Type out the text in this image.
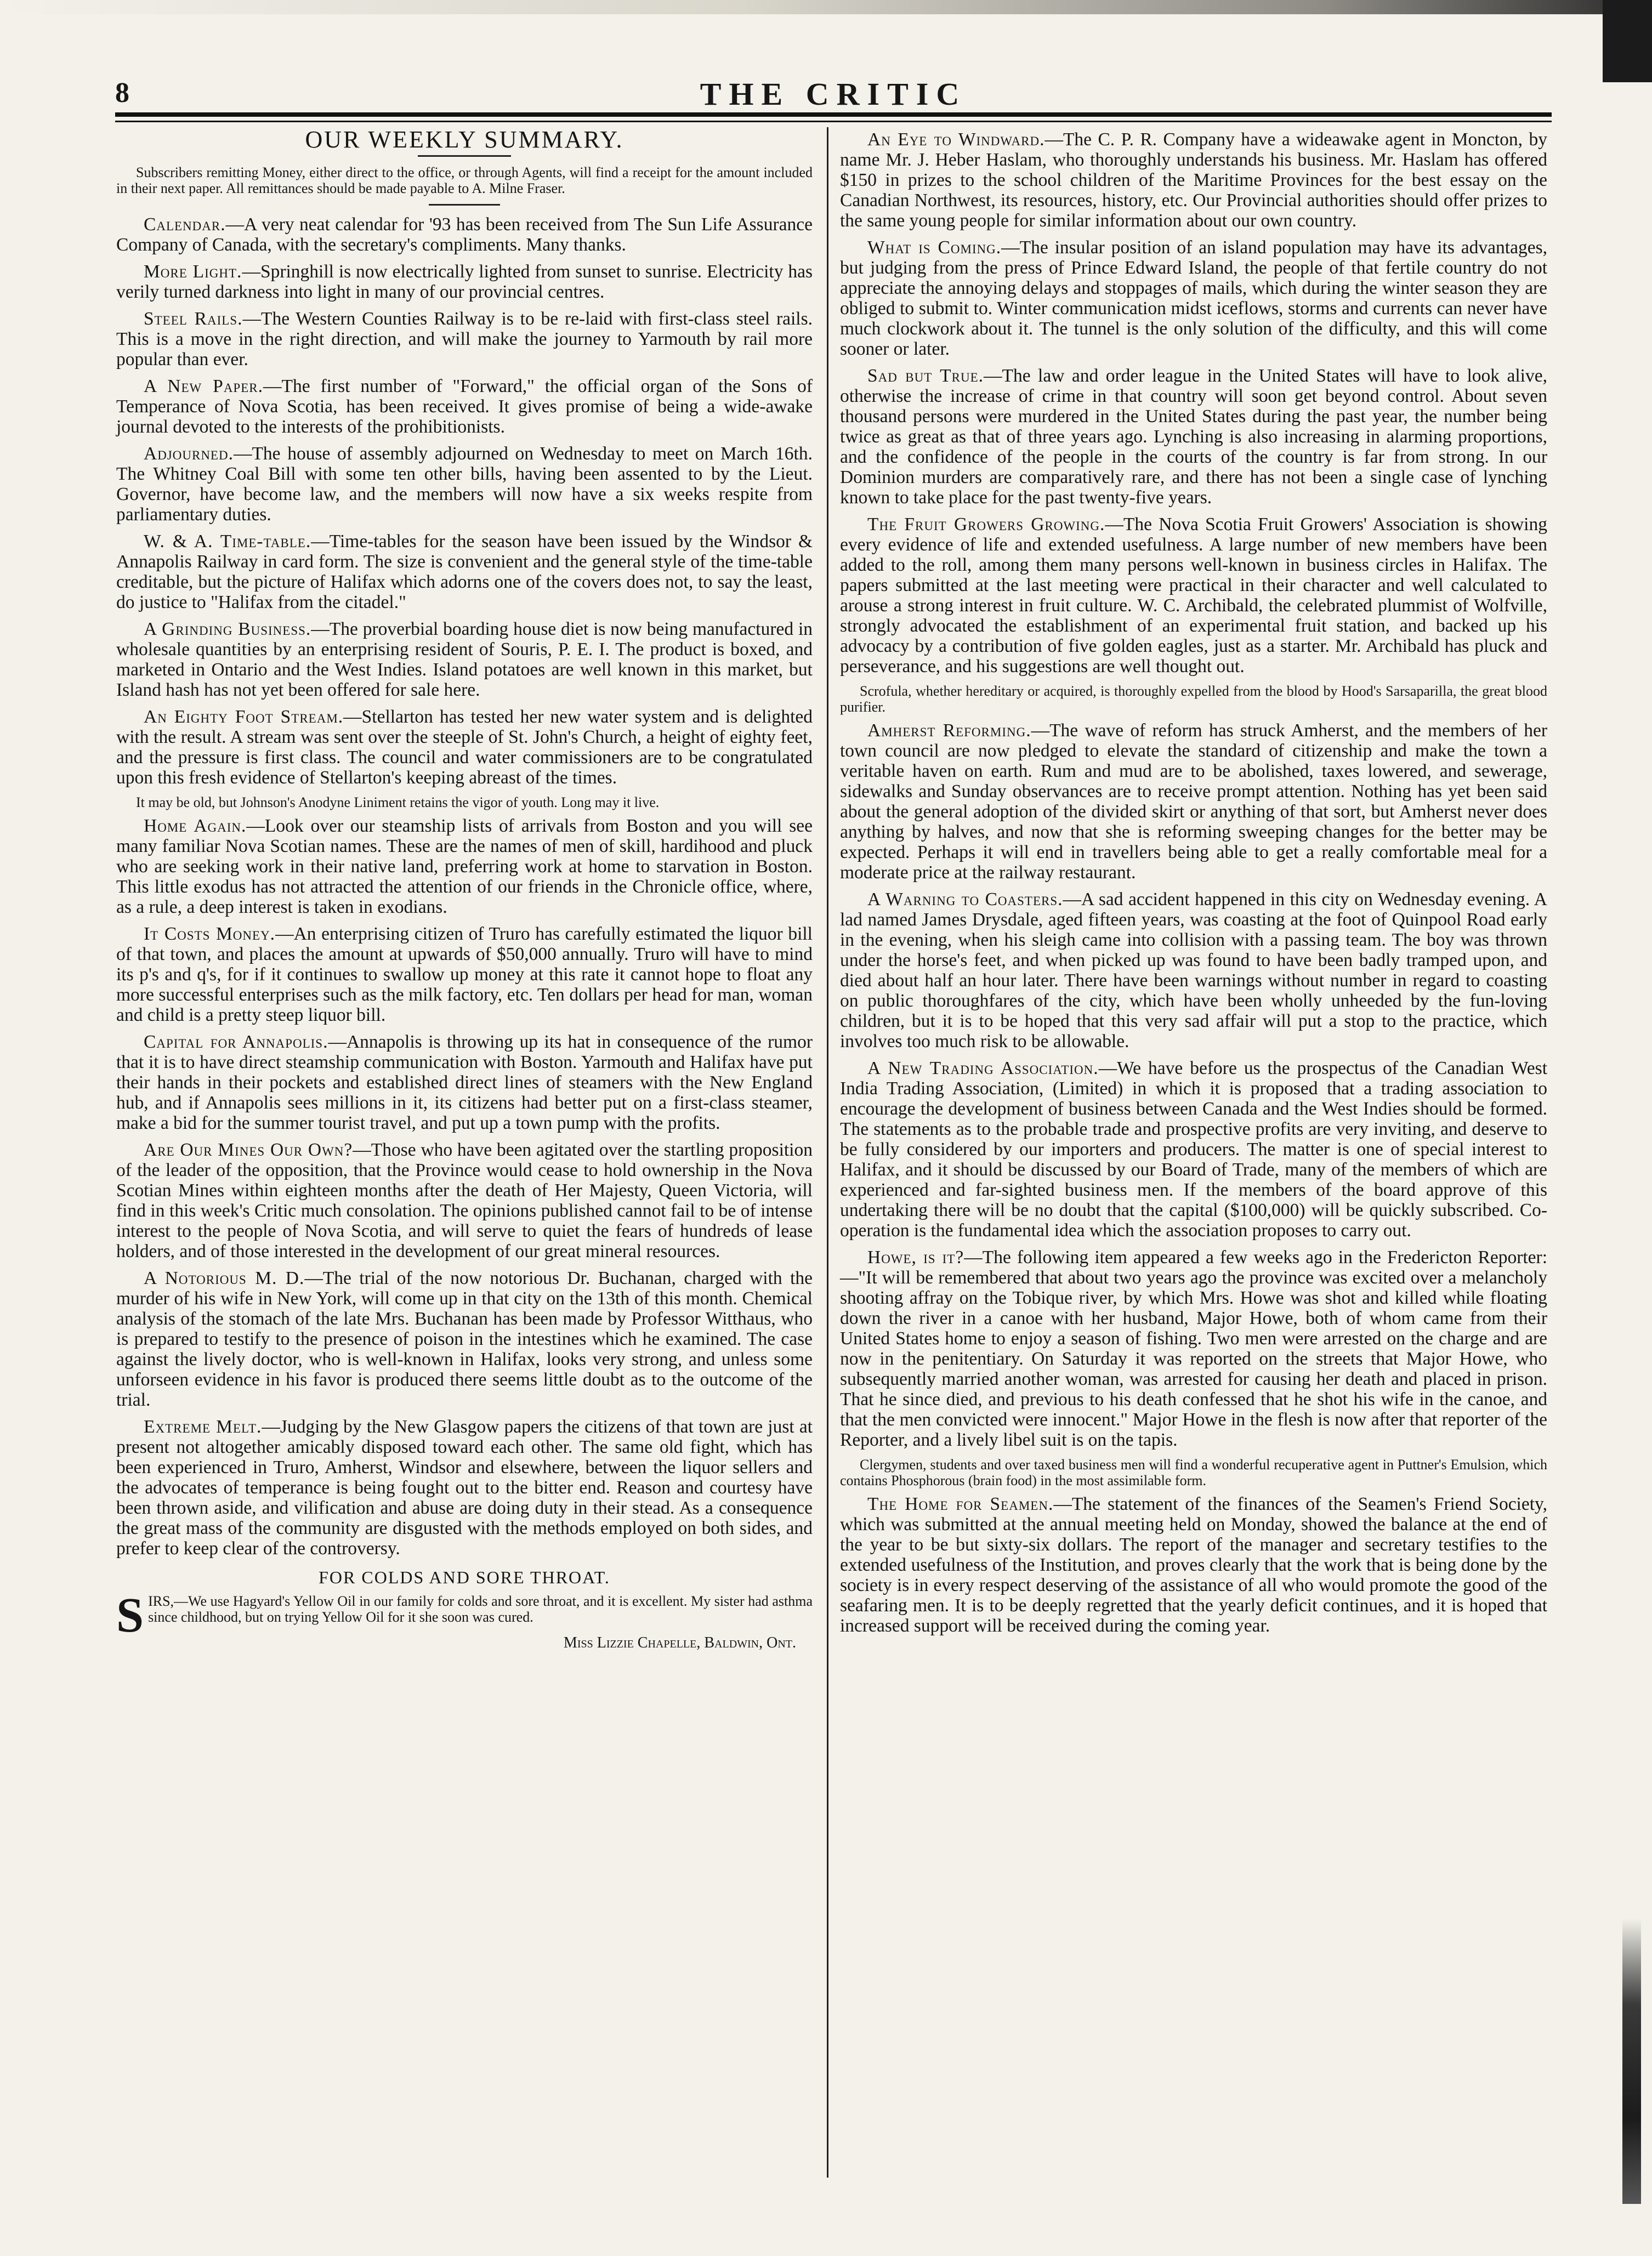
8	THE CRITIC
OUR WEEKLY SUMMARY.

Subscribers remitting Money, either direct to the office, or through Agents, will find a receipt for the amount included in their next paper. All remittances should be made payable to A. Milne Fraser.

Calendar.—A very neat calendar for '93 has been received from The Sun Life Assurance Company of Canada, with the secretary's compliments. Many thanks.

More Light.—Springhill is now electrically lighted from sunset to sunrise. Electricity has verily turned darkness into light in many of our provincial centres.

Steel Rails.—The Western Counties Railway is to be re-laid with first-class steel rails. This is a move in the right direction, and will make the journey to Yarmouth by rail more popular than ever.

A New Paper.—The first number of "Forward," the official organ of the Sons of Temperance of Nova Scotia, has been received. It gives promise of being a wide-awake journal devoted to the interests of the prohibitionists.

Adjourned.—The house of assembly adjourned on Wednesday to meet on March 16th. The Whitney Coal Bill with some ten other bills, having been assented to by the Lieut. Governor, have become law, and the members will now have a six weeks respite from parliamentary duties.

W. & A. Time-table.—Time-tables for the season have been issued by the Windsor & Annapolis Railway in card form. The size is convenient and the general style of the time-table creditable, but the picture of Halifax which adorns one of the covers does not, to say the least, do justice to "Halifax from the citadel."

A Grinding Business.—The proverbial boarding house diet is now being manufactured in wholesale quantities by an enterprising resident of Souris, P. E. I. The product is boxed, and marketed in Ontario and the West Indies. Island potatoes are well known in this market, but Island hash has not yet been offered for sale here.

An Eighty Foot Stream.—Stellarton has tested her new water system and is delighted with the result. A stream was sent over the steeple of St. John's Church, a height of eighty feet, and the pressure is first class. The council and water commissioners are to be congratulated upon this fresh evidence of Stellarton's keeping abreast of the times.

It may be old, but Johnson's Anodyne Liniment retains the vigor of youth. Long may it live.

Home Again.—Look over our steamship lists of arrivals from Boston and you will see many familiar Nova Scotian names. These are the names of men of skill, hardihood and pluck who are seeking work in their native land, preferring work at home to starvation in Boston. This little exodus has not attracted the attention of our friends in the Chronicle office, where, as a rule, a deep interest is taken in exodians.

It Costs Money.—An enterprising citizen of Truro has carefully estimated the liquor bill of that town, and places the amount at upwards of $50,000 annually. Truro will have to mind its p's and q's, for if it continues to swallow up money at this rate it cannot hope to float any more successful enterprises such as the milk factory, etc. Ten dollars per head for man, woman and child is a pretty steep liquor bill.

Capital for Annapolis.—Annapolis is throwing up its hat in consequence of the rumor that it is to have direct steamship communication with Boston. Yarmouth and Halifax have put their hands in their pockets and established direct lines of steamers with the New England hub, and if Annapolis sees millions in it, its citizens had better put on a first-class steamer, make a bid for the summer tourist travel, and put up a town pump with the profits.

Are Our Mines Our Own?—Those who have been agitated over the startling proposition of the leader of the opposition, that the Province would cease to hold ownership in the Nova Scotian Mines within eighteen months after the death of Her Majesty, Queen Victoria, will find in this week's Critic much consolation. The opinions published cannot fail to be of intense interest to the people of Nova Scotia, and will serve to quiet the fears of hundreds of lease holders, and of those interested in the development of our great mineral resources.

A Notorious M. D.—The trial of the now notorious Dr. Buchanan, charged with the murder of his wife in New York, will come up in that city on the 13th of this month. Chemical analysis of the stomach of the late Mrs. Buchanan has been made by Professor Witthaus, who is prepared to testify to the presence of poison in the intestines which he examined. The case against the lively doctor, who is well-known in Halifax, looks very strong, and unless some unforseen evidence in his favor is produced there seems little doubt as to the outcome of the trial.

Extreme Melt.—Judging by the New Glasgow papers the citizens of that town are just at present not altogether amicably disposed toward each other. The same old fight, which has been experienced in Truro, Amherst, Windsor and elsewhere, between the liquor sellers and the advocates of temperance is being fought out to the bitter end. Reason and courtesy have been thrown aside, and vilification and abuse are doing duty in their stead. As a consequence the great mass of the community are disgusted with the methods employed on both sides, and prefer to keep clear of the controversy.

FOR COLDS AND SORE THROAT.
S IRS,—We use Hagyard's Yellow Oil in our family for colds and sore throat, and it is excellent. My sister had asthma since childhood, but on trying Yellow Oil for it she soon was cured.
Miss Lizzie Chapelle, Baldwin, Ont.

An Eye to Windward.—The C. P. R. Company have a wideawake agent in Moncton, by name Mr. J. Heber Haslam, who thoroughly understands his business. Mr. Haslam has offered $150 in prizes to the school children of the Maritime Provinces for the best essay on the Canadian Northwest, its resources, history, etc. Our Provincial authorities should offer prizes to the same young people for similar information about our own country.

What is Coming.—The insular position of an island population may have its advantages, but judging from the press of Prince Edward Island, the people of that fertile country do not appreciate the annoying delays and stoppages of mails, which during the winter season they are obliged to submit to. Winter communication midst iceflows, storms and currents can never have much clockwork about it. The tunnel is the only solution of the difficulty, and this will come sooner or later.

Sad but True.—The law and order league in the United States will have to look alive, otherwise the increase of crime in that country will soon get beyond control. About seven thousand persons were murdered in the United States during the past year, the number being twice as great as that of three years ago. Lynching is also increasing in alarming proportions, and the confidence of the people in the courts of the country is far from strong. In our Dominion murders are comparatively rare, and there has not been a single case of lynching known to take place for the past twenty-five years.

The Fruit Growers Growing.—The Nova Scotia Fruit Growers' Association is showing every evidence of life and extended usefulness. A large number of new members have been added to the roll, among them many persons well-known in business circles in Halifax. The papers submitted at the last meeting were practical in their character and well calculated to arouse a strong interest in fruit culture. W. C. Archibald, the celebrated plummist of Wolfville, strongly advocated the establishment of an experimental fruit station, and backed up his advocacy by a contribution of five golden eagles, just as a starter. Mr. Archibald has pluck and perseverance, and his suggestions are well thought out.

Scrofula, whether hereditary or acquired, is thoroughly expelled from the blood by Hood's Sarsaparilla, the great blood purifier.

Amherst Reforming.—The wave of reform has struck Amherst, and the members of her town council are now pledged to elevate the standard of citizenship and make the town a veritable haven on earth. Rum and mud are to be abolished, taxes lowered, and sewerage, sidewalks and Sunday observances are to receive prompt attention. Nothing has yet been said about the general adoption of the divided skirt or anything of that sort, but Amherst never does anything by halves, and now that she is reforming sweeping changes for the better may be expected. Perhaps it will end in travellers being able to get a really comfortable meal for a moderate price at the railway restaurant.

A Warning to Coasters.—A sad accident happened in this city on Wednesday evening. A lad named James Drysdale, aged fifteen years, was coasting at the foot of Quinpool Road early in the evening, when his sleigh came into collision with a passing team. The boy was thrown under the horse's feet, and when picked up was found to have been badly tramped upon, and died about half an hour later. There have been warnings without number in regard to coasting on public thoroughfares of the city, which have been wholly unheeded by the fun-loving children, but it is to be hoped that this very sad affair will put a stop to the practice, which involves too much risk to be allowable.

A New Trading Association.—We have before us the prospectus of the Canadian West India Trading Association, (Limited) in which it is proposed that a trading association to encourage the development of business between Canada and the West Indies should be formed. The statements as to the probable trade and prospective profits are very inviting, and deserve to be fully considered by our importers and producers. The matter is one of special interest to Halifax, and it should be discussed by our Board of Trade, many of the members of which are experienced and far-sighted business men. If the members of the board approve of this undertaking there will be no doubt that the capital ($100,000) will be quickly subscribed. Co-operation is the fundamental idea which the association proposes to carry out.

Howe, is it?—The following item appeared a few weeks ago in the Fredericton Reporter:—"It will be remembered that about two years ago the province was excited over a melancholy shooting affray on the Tobique river, by which Mrs. Howe was shot and killed while floating down the river in a canoe with her husband, Major Howe, both of whom came from their United States home to enjoy a season of fishing. Two men were arrested on the charge and are now in the penitentiary. On Saturday it was reported on the streets that Major Howe, who subsequently married another woman, was arrested for causing her death and placed in prison. That he since died, and previous to his death confessed that he shot his wife in the canoe, and that the men convicted were innocent." Major Howe in the flesh is now after that reporter of the Reporter, and a lively libel suit is on the tapis.

Clergymen, students and over taxed business men will find a wonderful recuperative agent in Puttner's Emulsion, which contains Phosphorous (brain food) in the most assimilable form.

The Home for Seamen.—The statement of the finances of the Seamen's Friend Society, which was submitted at the annual meeting held on Monday, showed the balance at the end of the year to be but sixty-six dollars. The report of the manager and secretary testifies to the extended usefulness of the Institution, and proves clearly that the work that is being done by the society is in every respect deserving of the assistance of all who would promote the good of the seafaring men. It is to be deeply regretted that the yearly deficit continues, and it is hoped that increased support will be received during the coming year.
